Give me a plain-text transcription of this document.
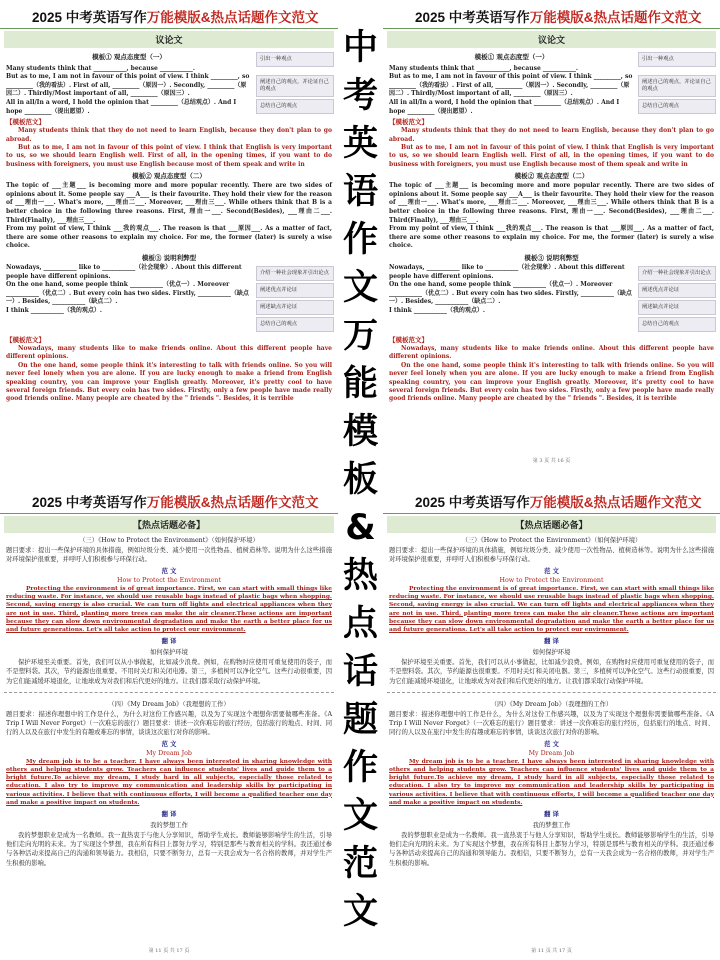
2025 中考英语写作万能模版&热点话题作文范文
议论文
模板① 观点态度型（一）

Many students think that ___________, because ___________.

引出一种观点

But as to me, I am not in favour of this point of view. I think _________, so _________（我的看法）. First of all, _________（原因一）. Secondly, _________（原因二）. Thirdly/Most important of all, _________（原因三）.

All in all/In a word, I hold the opinion that _________（总结观点）. And I hope _________（提出愿望）.

阐述自己的观点，并论证自己的观点
总结自己的观点
【模板范文】

Many students think that they do not need to learn English, because they don't plan to go abroad.

But as to me, I am not in favour of this point of view. I think that English is very important to us, so we should learn English well. First of all, in the opening times, if you want to do business with foreigners, you must use English because most of them speak and write in

模板② 观点态度型（二）

The topic of ___主题___ is becoming more and more popular recently. There are two sides of opinions about it. Some people say ___A___ is their favourite. They hold their view for the reason of ___理由一___. What's more, ___理由二___. Moreover, ___理由三___. While others think that B is a better choice in the following three reasons. First, 理由一___. Second(Besides), ___理由二___. Third(Finally), ___理由三___.

From my point of view, I think ___我的观点___. The reason is that ___原因___. As a matter of fact, there are some other reasons to explain my choice. For me, the former (later) is surely a wise choice.

模板③ 说明利弊型

Nowadays, ___________ like to ___________（社会现象）. About this different people have different opinions.

On the one hand, some people think ___________（优点一）. Moreover ___________（优点二）. But every coin has two sides. Firstly, ___________（缺点一）. Besides, ___________（缺点二）.

I think ___________（我的观点）.

介绍一种社会现象并引出论点
阐述优点并论证
阐述缺点并论证
总结自己的观点
【模板范文】

Nowadays, many students like to make friends online. About this different people have different opinions.

On the one hand, some people think it's interesting to talk with friends online. So you will never feel lonely when you are alone. If you are lucky enough to make a friend from English speaking country, you can improve your English greatly. Moreover, it's pretty cool to have several foreign friends. But every coin has two sides. Firstly, only a few people have made really good friends online. Many people are cheated by the " friends ". Besides, it is terrible

2025 中考英语写作万能模版&热点话题作文范文
议论文
模板① 观点态度型（一）

Many students think that ___________, because ___________.

引出一种观点

But as to me, I am not in favour of this point of view. I think _________, so _________（我的看法）. First of all, _________（原因一）. Secondly, _________（原因二）. Thirdly/Most important of all, _________（原因三）.

All in all/In a word, I hold the opinion that _________（总结观点）. And I hope _________（提出愿望）.

阐述自己的观点，并论证自己的观点
总结自己的观点
【模板范文】

Many students think that they do not need to learn English, because they don't plan to go abroad.

But as to me, I am not in favour of this point of view. I think that English is very important to us, so we should learn English well. First of all, in the opening times, if you want to do business with foreigners, you must use English because most of them speak and write in

模板② 观点态度型（二）

The topic of ___主题___ is becoming more and more popular recently. There are two sides of opinions about it. Some people say ___A___ is their favourite. They hold their view for the reason of ___理由一___. What's more, ___理由二___. Moreover, ___理由三___. While others think that B is a better choice in the following three reasons. First, 理由一___. Second(Besides), ___理由二___. Third(Finally), ___理由三___.

From my point of view, I think ___我的观点___. The reason is that ___原因___. As a matter of fact, there are some other reasons to explain my choice. For me, the former (later) is surely a wise choice.

模板③ 说明利弊型

Nowadays, ___________ like to ___________（社会现象）. About this different people have different opinions.

On the one hand, some people think ___________（优点一）. Moreover ___________（优点二）. But every coin has two sides. Firstly, ___________（缺点一）. Besides, ___________（缺点二）.

I think ___________（我的观点）.

介绍一种社会现象并引出论点
阐述优点并论证
阐述缺点并论证
总结自己的观点
【模板范文】

Nowadays, many students like to make friends online. About this different people have different opinions.

On the one hand, some people think it's interesting to talk with friends online. So you will never feel lonely when you are alone. If you are lucky enough to make a friend from English speaking country, you can improve your English greatly. Moreover, it's pretty cool to have several foreign friends. But every coin has two sides. Firstly, only a few people have made really good friends online. Many people are cheated by the " friends ". Besides, it is terrible

第 3 页 共 16 页
2025 中考英语写作万能模版&热点话题作文范文
【热点话题必备】
（三）《How to Protect the Environment》（如何保护环境）

题目要求：提出一些保护环境的具体措施，例如垃圾分类、减少使用一次性物品、植树造林等。说明为什么这些措施对环境保护很重要，并呼吁人们积极参与环保行动。

范 文
How to Protect the Environment

Protecting the environment is of great importance. First, we can start with small things like reducing waste. For instance, we should use reusable bags instead of plastic bags when shopping. Second, saving energy is also crucial. We can turn off lights and electrical appliances when they are not in use. Third, planting more trees can make the air cleaner.These actions are important because they can slow down environmental degradation and make the earth a better place for us and future generations. Let's all take action to protect our environment.

翻 译
如何保护环境

保护环境至关重要。首先，我们可以从小事做起，比如减少浪费。例如，在购物时应使用可重复使用的袋子，而不是塑料袋。其次，节约能源也很重要。不用时关灯和关闭电器。第三，多植树可以净化空气。这些行动很重要，因为它们能减缓环境退化，让地球成为对我们和后代更好的地方。让我们都采取行动保护环境。

（四）《My Dream Job》（我理想的工作）

题目要求：描述你理想中的工作是什么，为什么对这份工作感兴趣，以及为了实现这个理想你需要做哪些准备。《A Trip I Will Never Forget》（一次难忘的旅行）题目要求：讲述一次你难忘的旅行经历，包括旅行的地点、时间、同行的人以及在旅行中发生的有趣或难忘的事情，谈谈这次旅行对你的影响。

范 文
My Dream Job

My dream job is to be a teacher. I have always been interested in sharing knowledge with others and helping students grow. Teachers can influence students' lives and guide them to a bright future.To achieve my dream, I study hard in all subjects, especially those related to education. I also try to improve my communication and leadership skills by participating in various activities. I believe that with continuous efforts, I will become a qualified teacher one day and make a positive impact on students.

翻 译
我的梦想工作

我的梦想职业是成为一名教师。我一直热衷于与他人分享知识，帮助学生成长。教师能够影响学生的生活，引导他们走向光明的未来。为了实现这个梦想，我在所有科目上都努力学习，特别是那些与教育相关的学科。我还通过参与各种活动来提高自己的沟通和领导能力。我相信，只要不断努力，总有一天我会成为一名合格的教师，并对学生产生积极的影响。

第 11 页 共 17 页
2025 中考英语写作万能模版&热点话题作文范文
【热点话题必备】
（三）《How to Protect the Environment》（如何保护环境）

题目要求：提出一些保护环境的具体措施，例如垃圾分类、减少使用一次性物品、植树造林等。说明为什么这些措施对环境保护很重要，并呼吁人们积极参与环保行动。

范 文
How to Protect the Environment

Protecting the environment is of great importance. First, we can start with small things like reducing waste. For instance, we should use reusable bags instead of plastic bags when shopping. Second, saving energy is also crucial. We can turn off lights and electrical appliances when they are not in use. Third, planting more trees can make the air cleaner.These actions are important because they can slow down environmental degradation and make the earth a better place for us and future generations. Let's all take action to protect our environment.

翻 译
如何保护环境

保护环境至关重要。首先，我们可以从小事做起，比如减少浪费。例如，在购物时应使用可重复使用的袋子，而不是塑料袋。其次，节约能源也很重要。不用时关灯和关闭电器。第三，多植树可以净化空气。这些行动很重要，因为它们能减缓环境退化，让地球成为对我们和后代更好的地方。让我们都采取行动保护环境。

（四）《My Dream Job》（我理想的工作）

题目要求：描述你理想中的工作是什么，为什么对这份工作感兴趣，以及为了实现这个理想你需要做哪些准备。《A Trip I Will Never Forget》（一次难忘的旅行）题目要求：讲述一次你难忘的旅行经历，包括旅行的地点、时间、同行的人以及在旅行中发生的有趣或难忘的事情，谈谈这次旅行对你的影响。

范 文
My Dream Job

My dream job is to be a teacher. I have always been interested in sharing knowledge with others and helping students grow. Teachers can influence students' lives and guide them to a bright future.To achieve my dream, I study hard in all subjects, especially those related to education. I also try to improve my communication and leadership skills by participating in various activities. I believe that with continuous efforts, I will become a qualified teacher one day and make a positive impact on students.

翻 译
我的梦想工作

我的梦想职业是成为一名教师。我一直热衷于与他人分享知识，帮助学生成长。教师能够影响学生的生活，引导他们走向光明的未来。为了实现这个梦想，我在所有科目上都努力学习，特别是那些与教育相关的学科。我还通过参与各种活动来提高自己的沟通和领导能力。我相信，只要不断努力，总有一天我会成为一名合格的教师，并对学生产生积极的影响。

第 11 页 共 17 页
中
考
英
语
作
文
万
能
模
板
&
热
点
话
题
作
文
范
文
